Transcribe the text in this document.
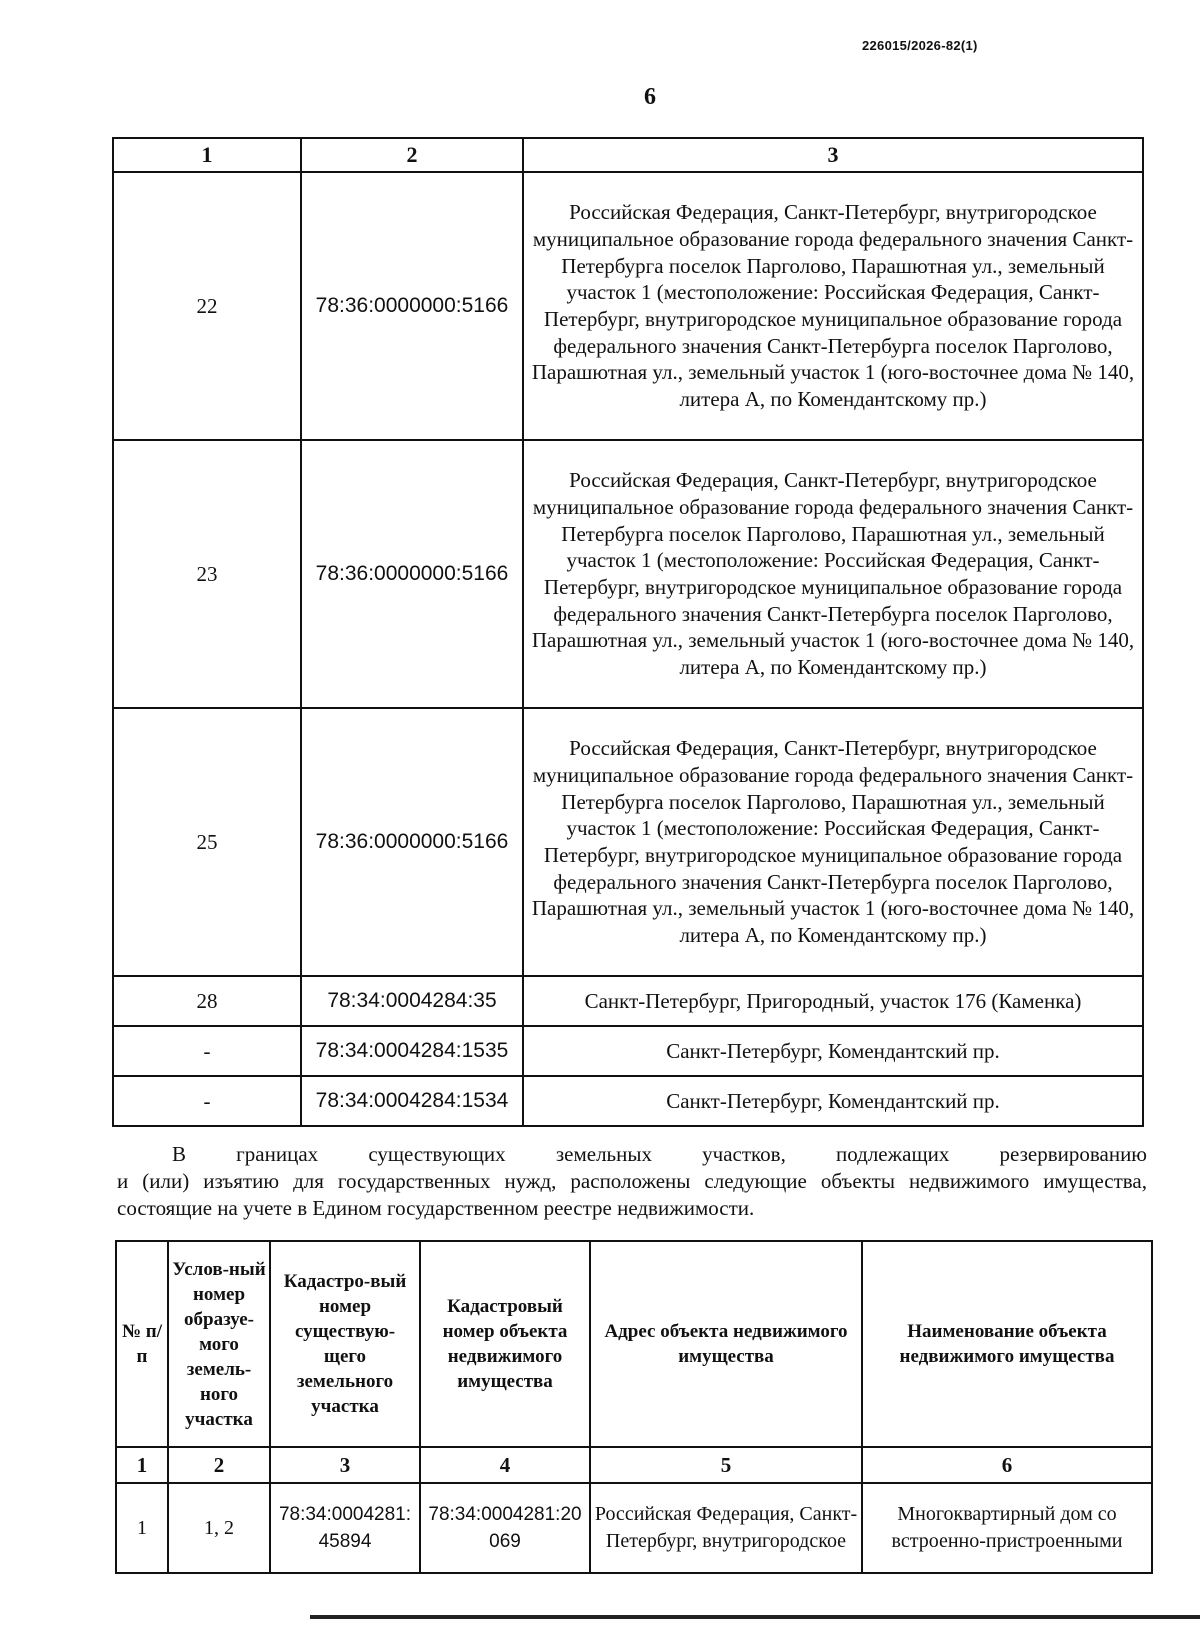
226015/2026-82(1)
6
1	2	3
22	78:36:0000000:5166	Российская Федерация, Санкт-Петербург, внутригородское муниципальное образование города федерального значения Санкт-Петербурга поселок Парголово, Парашютная ул., земельный участок 1 (местоположение: Российская Федерация, Санкт-Петербург, внутригородское муниципальное образование города федерального значения Санкт-Петербурга поселок Парголово, Парашютная ул., земельный участок 1 (юго-восточнее дома № 140, литера А, по Комендантскому пр.)
23	78:36:0000000:5166	Российская Федерация, Санкт-Петербург, внутригородское муниципальное образование города федерального значения Санкт-Петербурга поселок Парголово, Парашютная ул., земельный участок 1 (местоположение: Российская Федерация, Санкт-Петербург, внутригородское муниципальное образование города федерального значения Санкт-Петербурга поселок Парголово, Парашютная ул., земельный участок 1 (юго-восточнее дома № 140, литера А, по Комендантскому пр.)
25	78:36:0000000:5166	Российская Федерация, Санкт-Петербург, внутригородское муниципальное образование города федерального значения Санкт-Петербурга поселок Парголово, Парашютная ул., земельный участок 1 (местоположение: Российская Федерация, Санкт-Петербург, внутригородское муниципальное образование города федерального значения Санкт-Петербурга поселок Парголово, Парашютная ул., земельный участок 1 (юго-восточнее дома № 140, литера А, по Комендантскому пр.)
28	78:34:0004284:35	Санкт-Петербург, Пригородный, участок 176 (Каменка)
-	78:34:0004284:1535	Санкт-Петербург, Комендантский пр.
-	78:34:0004284:1534	Санкт-Петербург, Комендантский пр.
В границах существующих земельных участков, подлежащих резервированию
и (или) изъятию для государственных нужд, расположены следующие объекты недвижимого имущества, состоящие на учете в Едином государственном реестре недвижимости.
№ п/п	Услов-ный номер образуе-мого земель-ного участка	Кадастро-вый номер существую-щего земельного участка	Кадастровый номер объекта недвижимого имущества	Адрес объекта недвижимого имущества	Наименование объекта недвижимого имущества
1	2	3	4	5	6
1	1, 2	78:34:0004281:45894	78:34:0004281:20069	Российская Федерация, Санкт-Петербург, внутригородское	Многоквартирный дом со встроенно-пристроенными
